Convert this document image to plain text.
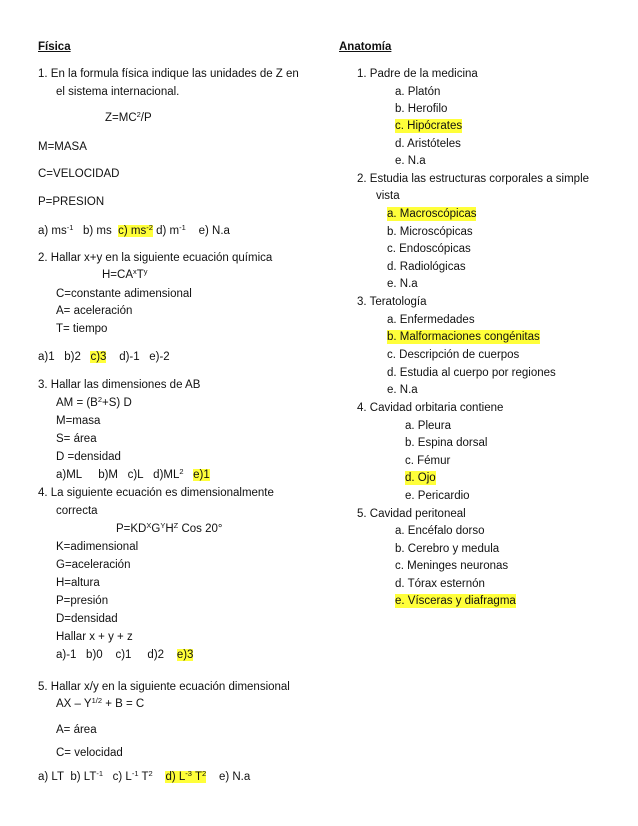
Física
1. En la formula física indique las unidades de Z en
el sistema internacional.
$Z=MC^2/P$
M=MASA
C=VELOCIDAD
P=PRESION
a) $ms^{-1}$ b) ms c) $ms^{-2}$ d) $m^{-1}$ e) N.a
2. Hallar x+y en la siguiente ecuación química
$H=CA^xT^y$
C=constante adimensional
A= aceleración
T= tiempo
a)1 b)2 c)3 d)-1 e)-2
3. Hallar las dimensiones de AB
AM = $(B^2+S)$ D
M=masa
S= área
D =densidad
a)ML b)M c)L $d)ML^2$ e)1
4. La siguiente ecuación es dimensionalmente
correcta
$P=KD^XG^YH^Z$ Cos 20°
K=adimensional
G=aceleración
H=altura
P=presión
D=densidad
Hallar x + y + z
a)-1 b)0 c)1 d)2 e)3
5. Hallar x/y en la siguiente ecuación dimensional
AX – $Y^{1/2} + B = C$
A= área
C= velocidad
a) LT b) $LT^{-1}$ c) $L^{-1}$ $T^2$ d) $L^{-3}$ $T^2$ e) N.a
Anatomía
1. Padre de la medicina
a. Platón
b. Herofilo
c. Hipócrates
d. Aristóteles
e. N.a
2. Estudia las estructuras corporales a simple
vista
a. Macroscópicas
b. Microscópicas
c. Endoscópicas
d. Radiológicas
e. N.a
3. Teratología
a. Enfermedades
b. Malformaciones congénitas
c. Descripción de cuerpos
d. Estudia al cuerpo por regiones
e. N.a
4. Cavidad orbitaria contiene
a. Pleura
b. Espina dorsal
c. Fémur
d. Ojo
e. Pericardio
5. Cavidad peritoneal
a. Encéfalo dorso
b. Cerebro y medula
c. Meninges neuronas
d. Tórax esternón
e. Vísceras y diafragma
